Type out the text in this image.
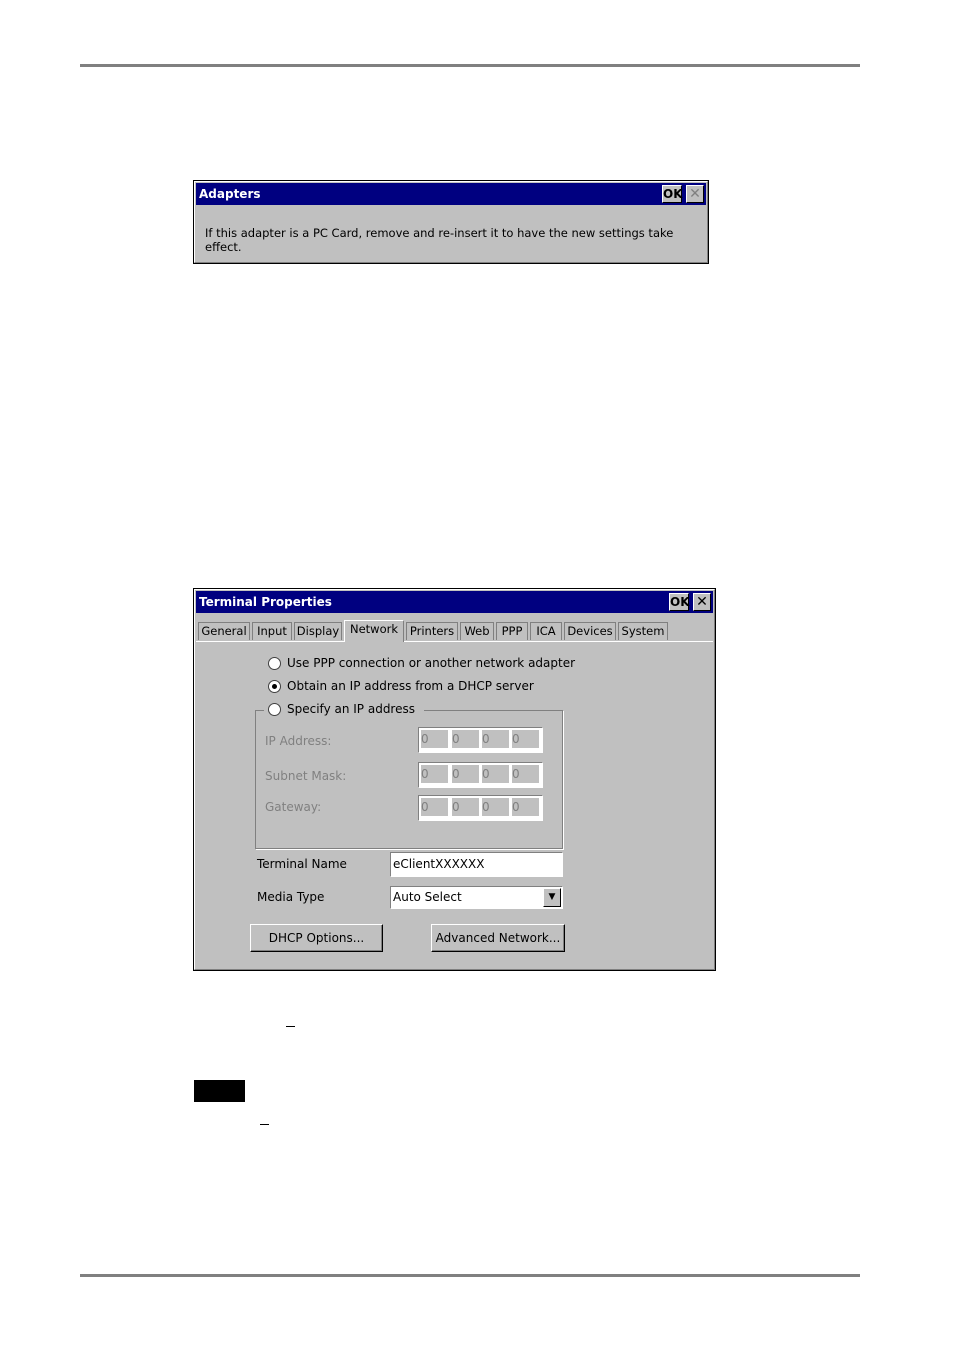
Adapters	OK ✕
If this adapter is a PC Card, remove and re-insert it to have the new settings take effect.
Terminal Properties	OK ✕
General Input Display Network	Printers Web	PPP	ICA	Devices System
Use PPP connection or another network adapter
Obtain an IP address from a DHCP server
Specify an IP address
IP Address:	0	0	0	0
Subnet Mask:	0	0	0	0
Gateway:	0	0	0	0
Terminal Name	eClientXXXXXX
Media Type	Auto Select	▼
DHCP Options...	Advanced Network...
